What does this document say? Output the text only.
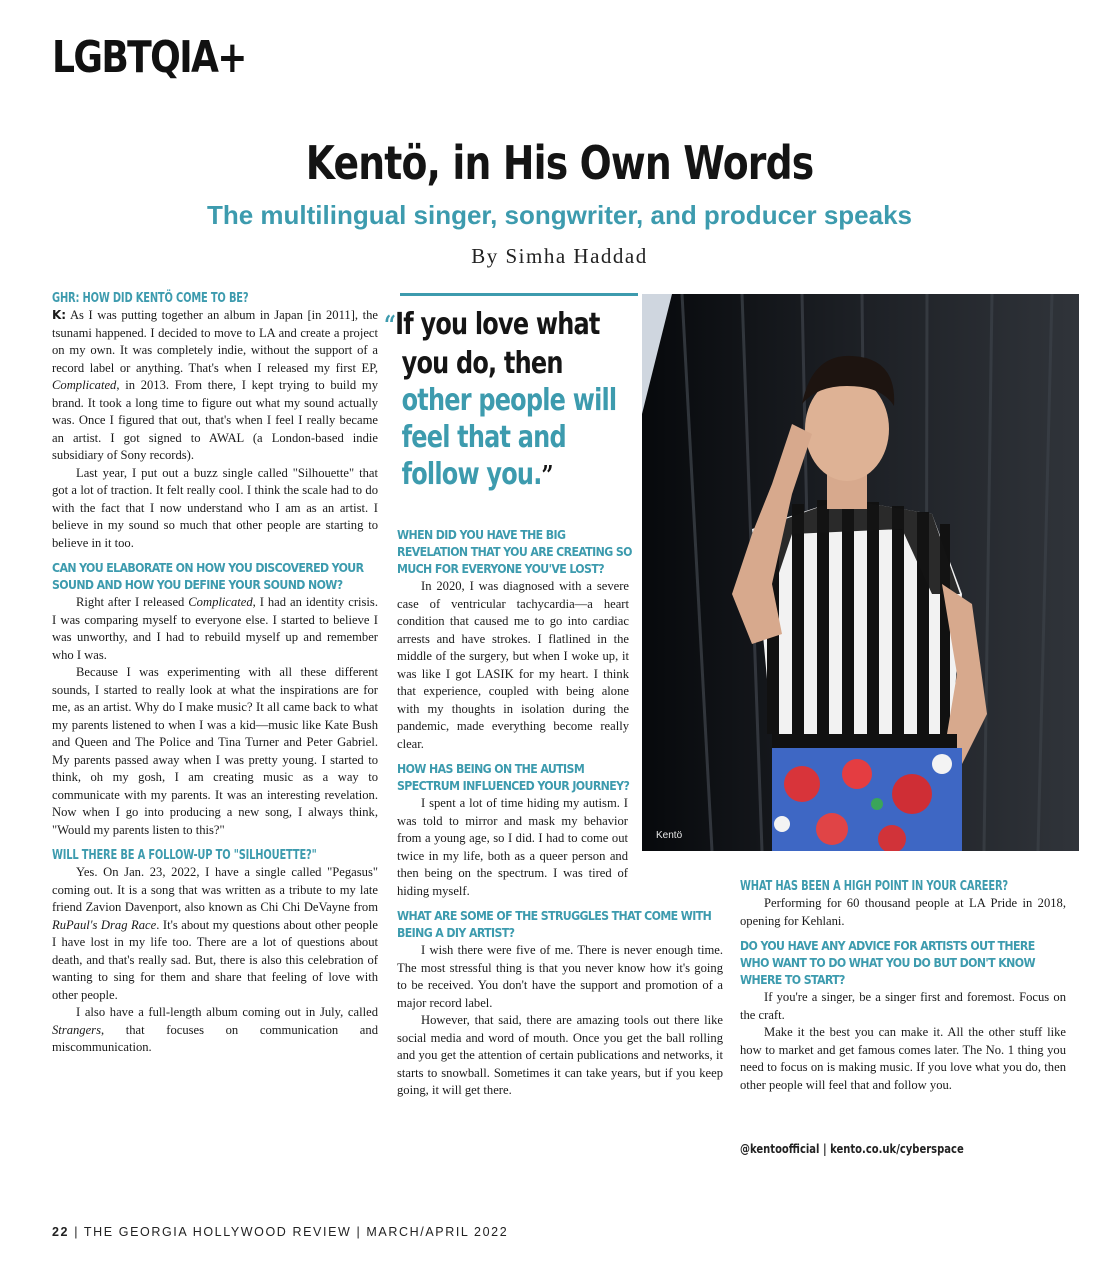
LGBTQIA+
Kentö, in His Own Words
The multilingual singer, songwriter, and producer speaks
By Simha Haddad
GHR: HOW DID KENTÖ COME TO BE?

K: As I was putting together an album in Japan [in 2011], the tsunami happened. I decided to move to LA and create a project on my own. It was completely indie, without the support of a record label or anything. That's when I released my first EP, Complicated, in 2013. From there, I kept trying to build my brand. It took a long time to figure out what my sound actually was. Once I figured that out, that's when I feel I really became an artist. I got signed to AWAL (a London-based indie subsidiary of Sony records).

Last year, I put out a buzz single called "Silhouette" that got a lot of traction. It felt really cool. I think the scale had to do with the fact that I now understand who I am as an artist. I believe in my sound so much that other people are starting to believe in it too.

CAN YOU ELABORATE ON HOW YOU DISCOVERED YOUR SOUND AND HOW YOU DEFINE YOUR SOUND NOW?

Right after I released Complicated, I had an identity crisis. I was comparing myself to everyone else. I started to believe I was unworthy, and I had to rebuild myself up and remember who I was.

Because I was experimenting with all these different sounds, I started to really look at what the inspirations are for me, as an artist. Why do I make music? It all came back to what my parents listened to when I was a kid—music like Kate Bush and Queen and The Police and Tina Turner and Peter Gabriel. My parents passed away when I was pretty young. I started to think, oh my gosh, I am creating music as a way to communicate with my parents. It was an interesting revelation. Now when I go into producing a new song, I always think, "Would my parents listen to this?"

WILL THERE BE A FOLLOW-UP TO "SILHOUETTE?"

Yes. On Jan. 23, 2022, I have a single called "Pegasus" coming out. It is a song that was written as a tribute to my late friend Zavion Davenport, also known as Chi Chi DeVayne from RuPaul's Drag Race. It's about my questions about other people I have lost in my life too. There are a lot of questions about death, and that's really sad. But, there is also this celebration of wanting to sing for them and share that feeling of love with other people.

I also have a full-length album coming out in July, called Strangers, that focuses on communication and miscommunication.

“If you love what
you do, then
other people will
feel that and
follow you.”
Kentö
WHEN DID YOU HAVE THE BIG REVELATION THAT YOU ARE CREATING SO MUCH FOR EVERYONE YOU'VE LOST?

In 2020, I was diagnosed with a severe case of ventricular tachycardia—a heart condition that caused me to go into cardiac arrests and have strokes. I flatlined in the middle of the surgery, but when I woke up, it was like I got LASIK for my heart. I think that experience, coupled with being alone with my thoughts in isolation during the pandemic, made everything become really clear.

HOW HAS BEING ON THE AUTISM SPECTRUM INFLUENCED YOUR JOURNEY?

I spent a lot of time hiding my autism. I was told to mirror and mask my behavior from a young age, so I did. I had to come out twice in my life, both as a queer person and then being on the spectrum. I was tired of hiding myself.

WHAT ARE SOME OF THE STRUGGLES THAT COME WITH BEING A DIY ARTIST?

I wish there were five of me. There is never enough time. The most stressful thing is that you never know how it's going to be received. You don't have the support and promotion of a major record label.

However, that said, there are amazing tools out there like social media and word of mouth. Once you get the ball rolling and you get the attention of certain publications and networks, it starts to snowball. Sometimes it can take years, but if you keep going, it will get there.

WHAT HAS BEEN A HIGH POINT IN YOUR CAREER?

Performing for 60 thousand people at LA Pride in 2018, opening for Kehlani.

DO YOU HAVE ANY ADVICE FOR ARTISTS OUT THERE WHO WANT TO DO WHAT YOU DO BUT DON'T KNOW WHERE TO START?

If you're a singer, be a singer first and foremost. Focus on the craft.

Make it the best you can make it. All the other stuff like how to market and get famous comes later. The No. 1 thing you need to focus on is making music. If you love what you do, then other people will feel that and follow you.

@kentoofficial | kento.co.uk/cyberspace
22 | THE GEORGIA HOLLYWOOD REVIEW | MARCH/APRIL 2022
